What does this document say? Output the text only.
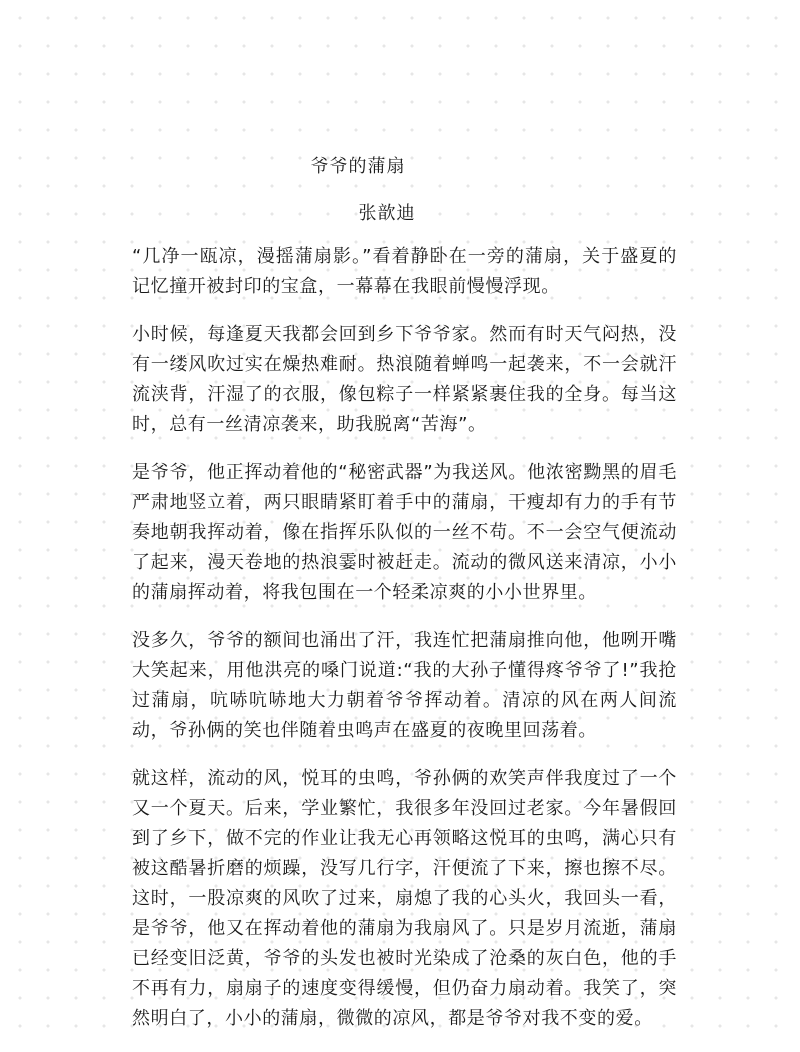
爷爷的蒲扇
张歆迪

“几净一瓯凉，漫摇蒲扇影。”看着静卧在一旁的蒲扇，关于盛夏的记忆撞开被封印的宝盒，一幕幕在我眼前慢慢浮现。

小时候，每逢夏天我都会回到乡下爷爷家。然而有时天气闷热，没有一缕风吹过实在燥热难耐。热浪随着蝉鸣一起袭来，不一会就汗流浃背，汗湿了的衣服，像包粽子一样紧紧裹住我的全身。每当这时，总有一丝清凉袭来，助我脱离“苦海”。

是爷爷，他正挥动着他的“秘密武器”为我送风。他浓密黝黑的眉毛严肃地竖立着，两只眼睛紧盯着手中的蒲扇，干瘦却有力的手有节奏地朝我挥动着，像在指挥乐队似的一丝不苟。不一会空气便流动了起来，漫天卷地的热浪霎时被赶走。流动的微风送来清凉，小小的蒲扇挥动着，将我包围在一个轻柔凉爽的小小世界里。

没多久，爷爷的额间也涌出了汗，我连忙把蒲扇推向他，他咧开嘴大笑起来，用他洪亮的嗓门说道:“我的大孙子懂得疼爷爷了!”我抢过蒲扇，吭哧吭哧地大力朝着爷爷挥动着。清凉的风在两人间流动，爷孙俩的笑也伴随着虫鸣声在盛夏的夜晚里回荡着。

就这样，流动的风，悦耳的虫鸣，爷孙俩的欢笑声伴我度过了一个又一个夏天。后来，学业繁忙，我很多年没回过老家。今年暑假回到了乡下，做不完的作业让我无心再领略这悦耳的虫鸣，满心只有被这酷暑折磨的烦躁，没写几行字，汗便流了下来，擦也擦不尽。这时，一股凉爽的风吹了过来，扇熄了我的心头火，我回头一看，是爷爷，他又在挥动着他的蒲扇为我扇风了。只是岁月流逝，蒲扇已经变旧泛黄，爷爷的头发也被时光染成了沧桑的灰白色，他的手不再有力，扇扇子的速度变得缓慢，但仍奋力扇动着。我笑了，突然明白了，小小的蒲扇，微微的凉风，都是爷爷对我不变的爱。
